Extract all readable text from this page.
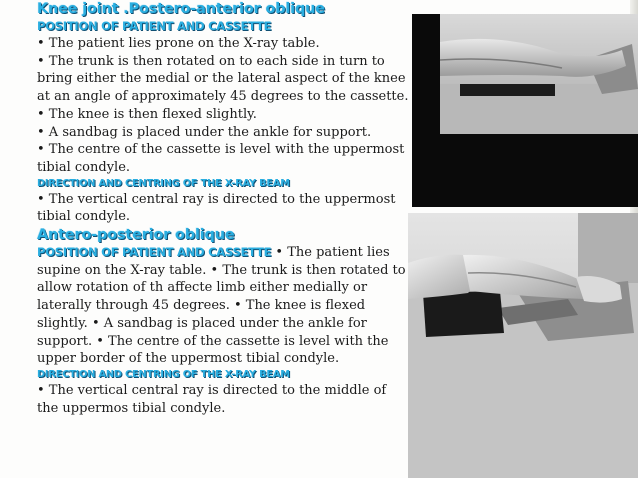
Knee joint .Postero-anterior oblique

POSITION OF PATIENT AND CASSETTE

• The patient lies prone on the X-ray table.

• The trunk is then rotated on to each side in turn to bring either the medial or the lateral aspect of the knee at an angle of approximately 45 degrees to the cassette. • The knee is then flexed slightly.

• A sandbag is placed under the ankle for support.

• The centre of the cassette is level with the uppermost tibial condyle.

DIRECTION AND CENTRING OF THE X-RAY BEAM

• The vertical central ray is directed to the uppermost tibial condyle.

Antero-posterior oblique

POSITION OF PATIENT AND CASSETTE • The patient lies supine on the X-ray table. • The trunk is then rotated to allow rotation of th affecte limb either medially or laterally through 45 degrees. • The knee is flexed slightly. • A sandbag is placed under the ankle for support. • The centre of the cassette is level with the upper border of the uppermost tibial condyle.

DIRECTION AND CENTRING OF THE X-RAY BEAM

• The vertical central ray is directed to the middle of the uppermos tibial condyle.
